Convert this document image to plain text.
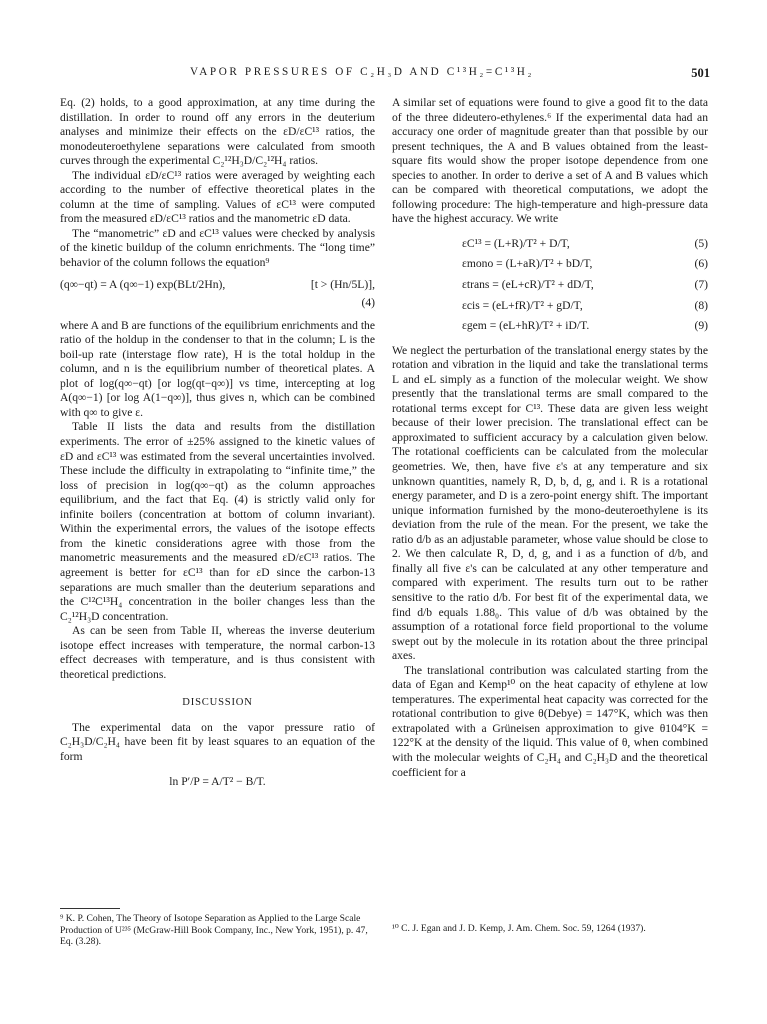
VAPOR PRESSURES OF C₂H₃D AND C¹³H₂=C¹³H₂	501

Eq. (2) holds, to a good approximation, at any time during the distillation. In order to round off any errors in the deuterium analyses and minimize their effects on the εD/εC¹³ ratios, the monodeuteroethylene separations were calculated from smooth curves through the experimental C₂¹²H₃D/C₂¹²H₄ ratios.

The individual εD/εC¹³ ratios were averaged by weighting each according to the number of effective theoretical plates in the column at the time of sampling. Values of εC¹³ were computed from the measured εD/εC¹³ ratios and the manometric εD data.

The “manometric” εD and εC¹³ values were checked by analysis of the kinetic buildup of the column enrichments. The “long time” behavior of the column follows the equation⁹

(q∞−qt) = A (q∞−1) exp(BLt/2Hn),	[t > (Hn/5L)],
(4)

where A and B are functions of the equilibrium enrichments and the ratio of the holdup in the condenser to that in the column; L is the boil-up rate (interstage flow rate), H is the total holdup in the column, and n is the equilibrium number of theoretical plates. A plot of log(q∞−qt) [or log(qt−q∞)] vs time, intercepting at log A(q∞−1) [or log A(1−q∞)], thus gives n, which can be combined with q∞ to give ε.

Table II lists the data and results from the distillation experiments. The error of ±25% assigned to the kinetic values of εD and εC¹³ was estimated from the several uncertainties involved. These include the difficulty in extrapolating to “infinite time,” the loss of precision in log(q∞−qt) as the column approaches equilibrium, and the fact that Eq. (4) is strictly valid only for infinite boilers (concentration at bottom of column invariant). Within the experimental errors, the values of the isotope effects from the kinetic considerations agree with those from the manometric measurements and the measured εD/εC¹³ ratios. The agreement is better for εC¹³ than for εD since the carbon-13 separations are much smaller than the deuterium separations and the C¹²C¹³H₄ concentration in the boiler changes less than the C₂¹²H₃D concentration.

As can be seen from Table II, whereas the inverse deuterium isotope effect increases with temperature, the normal carbon-13 effect decreases with temperature, and is thus consistent with theoretical predictions.

DISCUSSION

The experimental data on the vapor pressure ratio of C₂H₃D/C₂H₄ have been fit by least squares to an equation of the form

ln P′/P = A/T² − B/T.

A similar set of equations were found to give a good fit to the data of the three dideutero-ethylenes.⁶ If the experimental data had an accuracy one order of magnitude greater than that possible by our present techniques, the A and B values obtained from the least-square fits would show the proper isotope dependence from one species to another. In order to derive a set of A and B values which can be compared with theoretical computations, we adopt the following procedure: The high-temperature and high-pressure data have the highest accuracy. We write

εC¹³ = (L+R)/T² + D/T,	(5)
εmono = (L+aR)/T² + bD/T,	(6)
εtrans = (eL+cR)/T² + dD/T,	(7)
εcis = (eL+fR)/T² + gD/T,	(8)
εgem = (eL+hR)/T² + iD/T.	(9)

We neglect the perturbation of the translational energy states by the rotation and vibration in the liquid and take the translational terms L and eL simply as a function of the molecular weight. We show presently that the translational terms are small compared to the rotational terms except for C¹³. These data are given less weight because of their lower precision. The translational effect can be approximated to sufficient accuracy by a calculation given below. The rotational coefficients can be calculated from the molecular geometries. We, then, have five ε's at any temperature and six unknown quantities, namely R, D, b, d, g, and i. R is a rotational energy parameter, and D is a zero-point energy shift. The important unique information furnished by the mono-deuteroethylene is its deviation from the rule of the mean. For the present, we take the ratio d/b as an adjustable parameter, whose value should be close to 2. We then calculate R, D, d, g, and i as a function of d/b, and finally all five ε's can be calculated at any other temperature and compared with experiment. The results turn out to be rather sensitive to the ratio d/b. For best fit of the experimental data, we find d/b equals 1.88₀. This value of d/b was obtained by the assumption of a rotational force field proportional to the volume swept out by the molecule in its rotation about the three principal axes.

The translational contribution was calculated starting from the data of Egan and Kemp¹⁰ on the heat capacity of ethylene at low temperatures. The experimental heat capacity was corrected for the rotational contribution to give θ(Debye) = 147°K, which was then extrapolated with a Grüneisen approximation to give θ104°K = 122°K at the density of the liquid. This value of θ, when combined with the molecular weights of C₂H₄ and C₂H₃D and the theoretical coefficient for a

⁹ K. P. Cohen, The Theory of Isotope Separation as Applied to the Large Scale Production of U²³⁵ (McGraw-Hill Book Company, Inc., New York, 1951), p. 47, Eq. (3.28).

¹⁰ C. J. Egan and J. D. Kemp, J. Am. Chem. Soc. 59, 1264 (1937).
